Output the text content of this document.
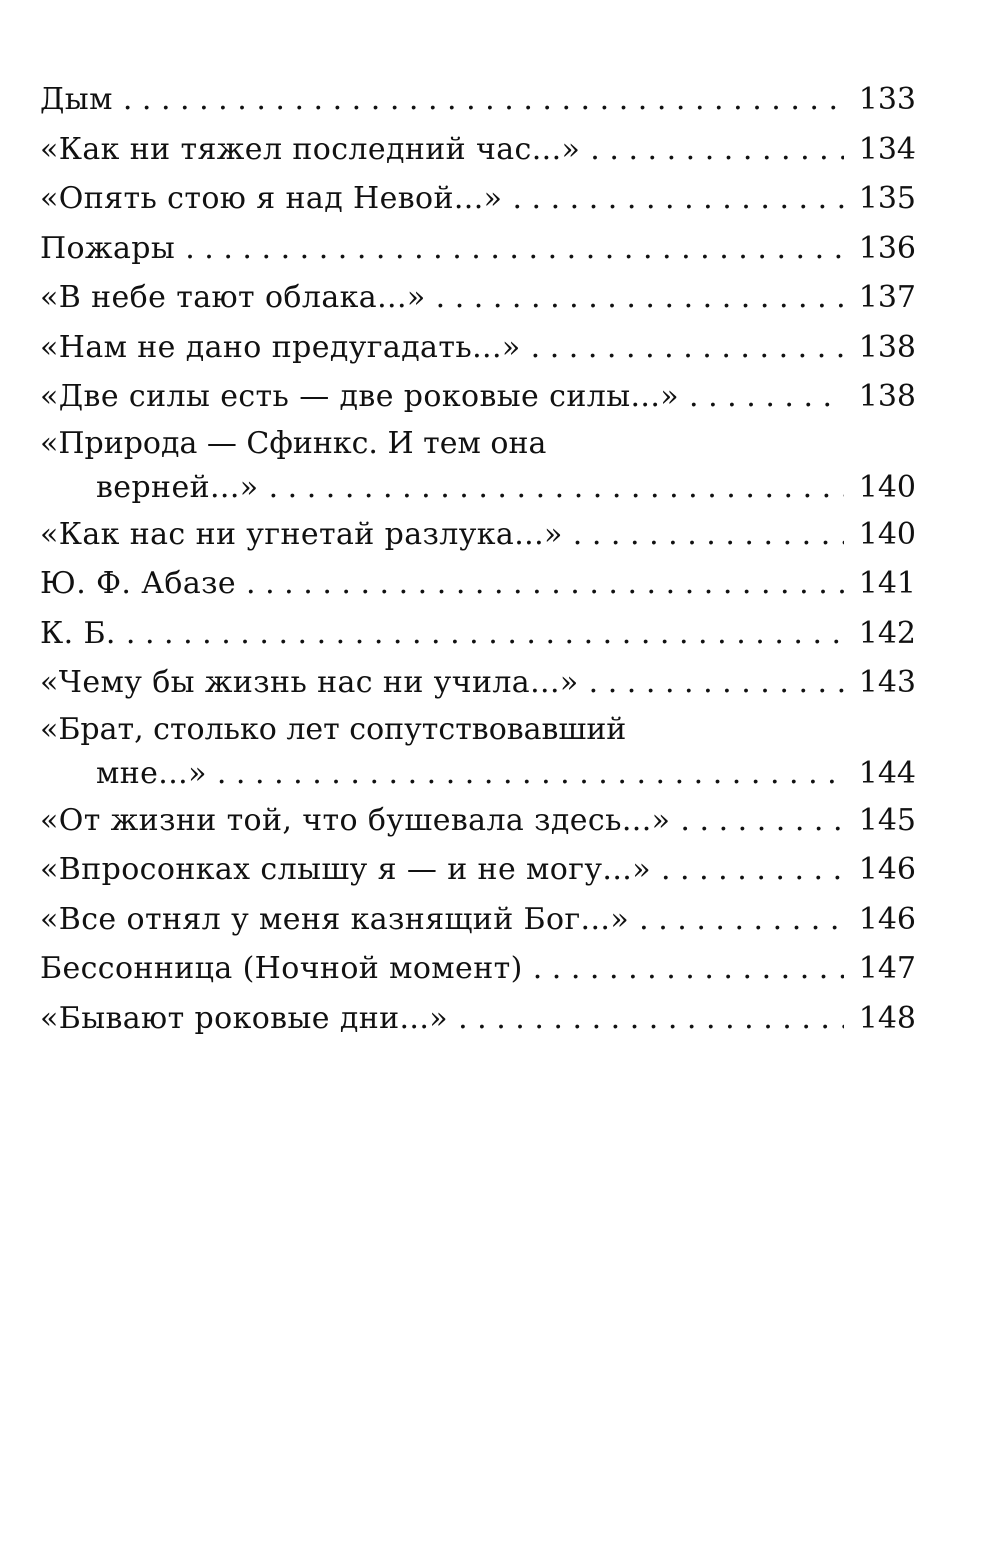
Дым . . .	133
«Как ни тяжел последний час...» . . .	134
«Опять стою я над Невой...» . . .	135
Пожары . . .	136
«В небе тают облака...» . . .	137
«Нам не дано предугадать...» . . .	138
«Две силы есть — две роковые силы...» . . .	138
«Природа — Сфинкс. И тем она
верней...» . . .	140
«Как нас ни угнетай разлука...» . . .	140
Ю. Ф. Абазе . . .	141
К. Б. . . .	142
«Чему бы жизнь нас ни учила...» . . .	143
«Брат, столько лет сопутствовавший
мне...» . . .	144
«От жизни той, что бушевала здесь...» . . .	145
«Впросонках слышу я — и не могу...» . . .	146
«Все отнял у меня казнящий Бог...» . . .	146
Бессонница (Ночной момент) . . .	147
«Бывают роковые дни...» . . .	148
